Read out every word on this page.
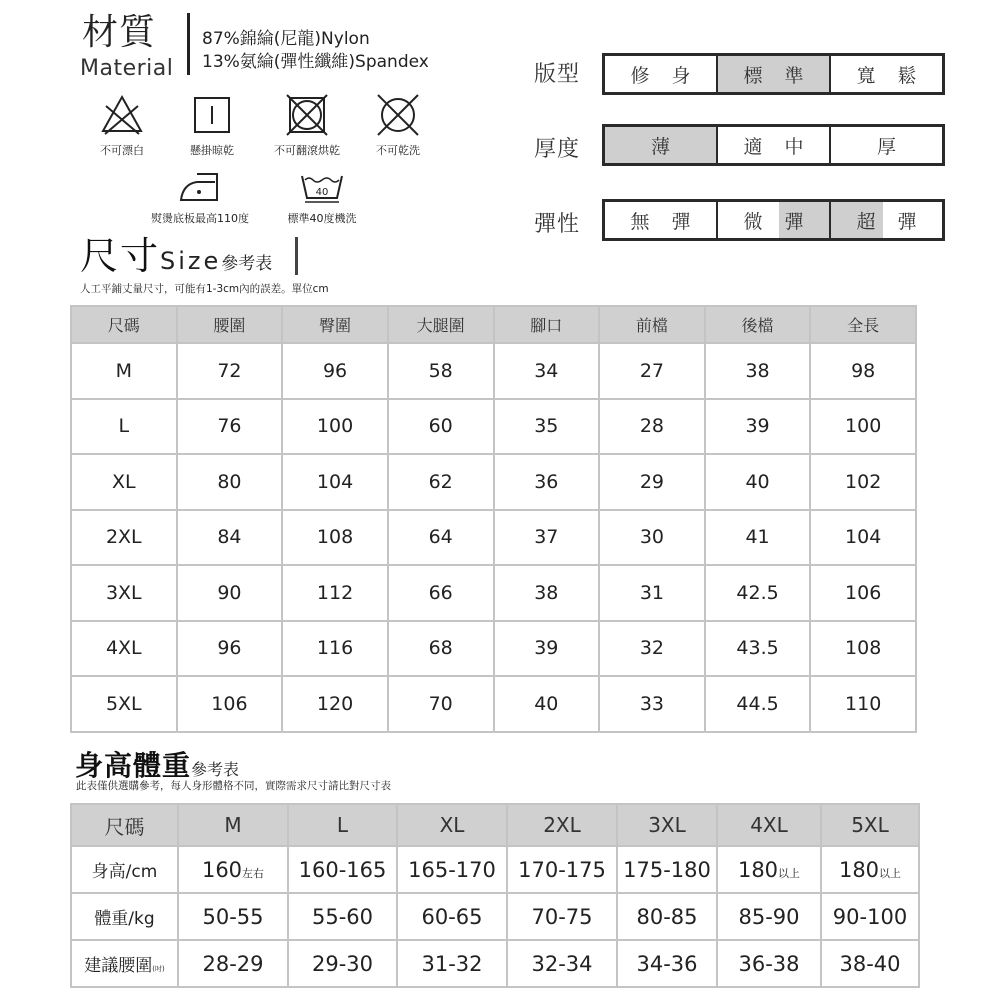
材質
Material
87%錦綸(尼龍)Nylon
13%氨綸(彈性纖維)Spandex
不可漂白	懸掛晾乾	不可翻滾烘乾	不可乾洗
熨燙底板最高110度
40
標準40度機洗
版型	修 身	標 準	寬 鬆
厚度	薄	適 中	厚
彈性	無 彈	微 彈	超 彈
尺寸Size參考表
人工平鋪丈量尺寸，可能有1-3cm內的誤差。單位cm
尺碼	腰圍	臀圍	大腿圍	腳口	前檔	後檔	全長
M	72	96	58	34	27	38	98
L	76	100	60	35	28	39	100
XL	80	104	62	36	29	40	102
2XL	84	108	64	37	30	41	104
3XL	90	112	66	38	31	42.5	106
4XL	96	116	68	39	32	43.5	108
5XL	106	120	70	40	33	44.5	110
身高體重參考表
此表僅供選購參考，每人身形體格不同，實際需求尺寸請比對尺寸表
尺碼	M	L	XL	2XL	3XL	4XL	5XL
身高/cm	160左右	160-165	165-170	170-175	175-180	180以上	180以上
體重/kg	50-55	55-60	60-65	70-75	80-85	85-90	90-100
建議腰圍(吋)	28-29	29-30	31-32	32-34	34-36	36-38	38-40
